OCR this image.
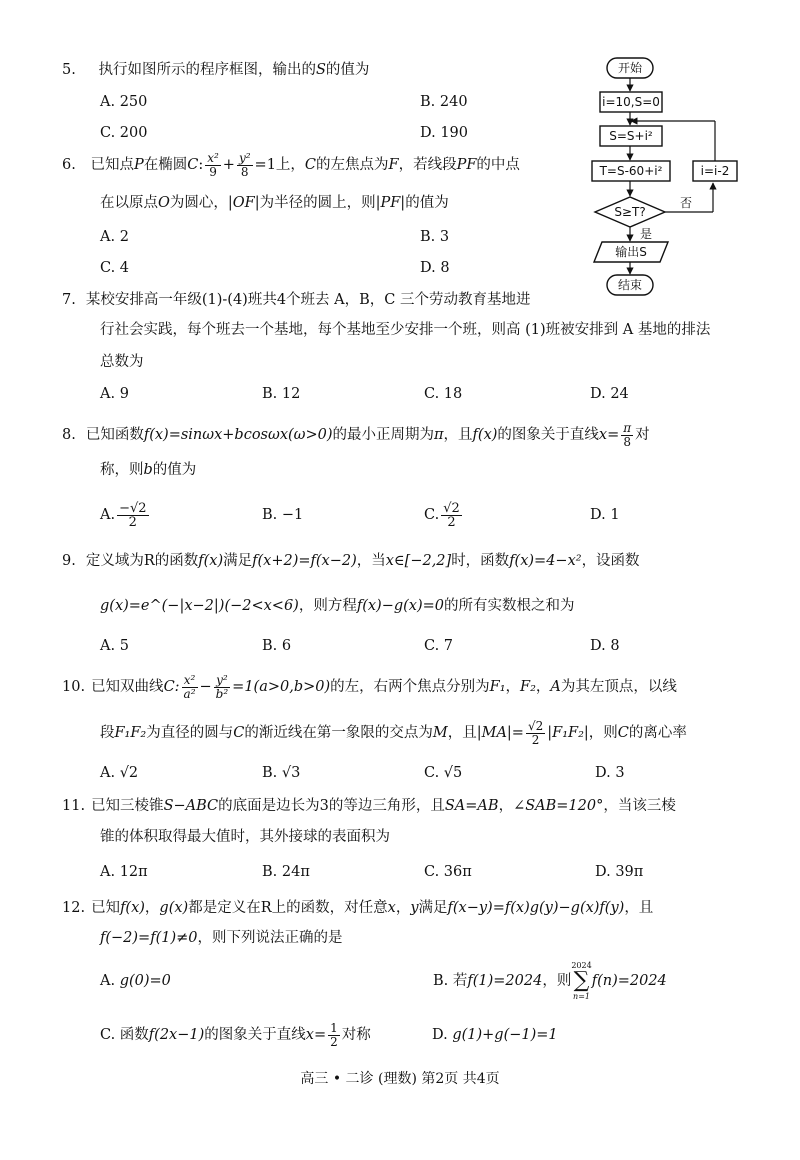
5. 执行如图所示的程序框图，输出的S的值为
A. 250	B. 240
C. 200	D. 190
开始
i=10,S=0
S=S+i²
T=S-60+i²
S≥T?
否
i=i-2
是
输出S
结束
6. 已知点P在椭圆C: $\frac{\text{x²}}{9} + \frac{\text{y²}}{8} =1$上，C的左焦点为F，若线段PF的中点
在以原点O为圆心，|OF|为半径的圆上，则|PF|的值为
A. 2	B. 3
C. 4	D. 8
7. 某校安排高一年级(1)-(4)班共4个班去 A，B，C 三个劳动教育基地进
行社会实践，每个班去一个基地，每个基地至少安排一个班，则高 (1)班被安排到 A 基地的排法
总数为
A. 9	B. 12	C. 18	D. 24
8. 已知函数f(x)=sinωx+bcosωx(ω>0)的最小正周期为π，且f(x)的图象关于直线$x= \frac{\pi}{8}$ 对
称，则b的值为
A. $\frac{-√2}{2}$	B. −1	C. $\frac{√2}{2}$	D. 1
9. 定义域为R的函数f(x)满足f(x+2)=f(x−2)，当x∈[−2,2]时，函数f(x)=4−x²，设函数
g(x)=e^(−|x−2|)(−2<x<6)，则方程f(x)−g(x)=0的所有实数根之和为
A. 5	B. 6	C. 7	D. 8
10. 已知双曲线C: $\frac{\text{x²}}{\text{a²}} - \frac{\text{y²}}{\text{b²}} =1(a>0,b>0)$的左，右两个焦点分别为F₁，F₂，A为其左顶点，以线
段F₁F₂为直径的圆与C的渐近线在第一象限的交点为M，且$|MA|= \frac{√2}{2} |F_1F_2|$，则C的离心率
A. √2	B. √3	C. √5	D. 3
11. 已知三棱锥S−ABC的底面是边长为3的等边三角形，且SA=AB，∠SAB=120°，当该三棱
锥的体积取得最大值时，其外接球的表面积为
A. 12π	B. 24π	C. 36π	D. 39π
12. 已知f(x)，g(x)都是定义在R上的函数，对任意x，y满足f(x−y)=f(x)g(y)−g(x)f(y)，且
f(−2)=f(1)≠0，则下列说法正确的是
A. g(0)=0	B. 若f(1)=2024，则
2024
∑
n=1
f(n)=2024
C. 函数f(2x−1)的图象关于直线$x= \frac{1}{2}$ 对称	D. g(1)+g(−1)=1
高三 • 二诊 (理数) 第2页 共4页
